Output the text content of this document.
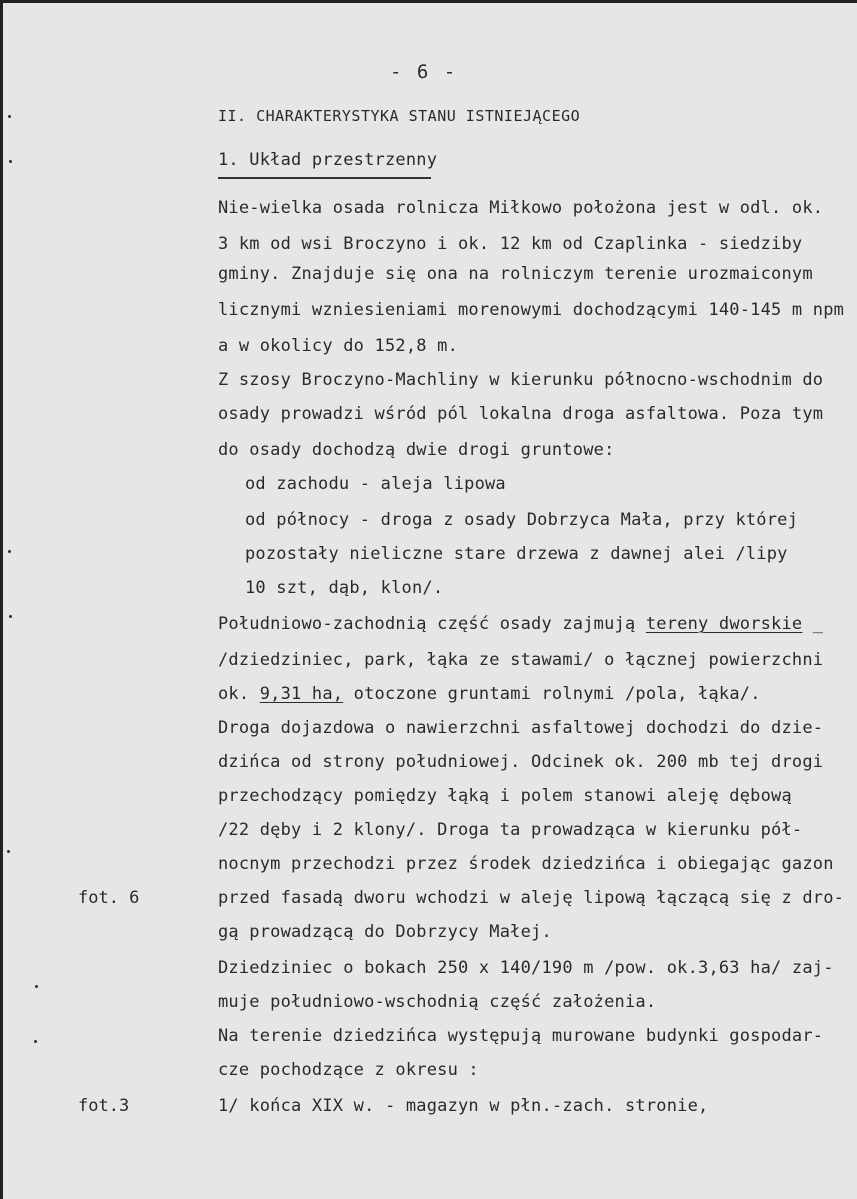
- 6 -
II. CHARAKTERYSTYKA STANU ISTNIEJĄCEGO
1. Układ przestrzenny
Nie-wielka osada rolnicza Miłkowo położona jest w odl. ok.
3 km od wsi Broczyno i ok. 12 km od Czaplinka - siedziby
gminy. Znajduje się ona na rolniczym terenie urozmaiconym
licznymi wzniesieniami morenowymi dochodzącymi 140-145 m npm
a w okolicy do 152,8 m.
Z szosy Broczyno-Machliny w kierunku północno-wschodnim do
osady prowadzi wśród pól lokalna droga asfaltowa. Poza tym
do osady dochodzą dwie drogi gruntowe:
od zachodu - aleja lipowa
od północy - droga z osady Dobrzyca Mała, przy której
pozostały nieliczne stare drzewa z dawnej alei /lipy
10 szt, dąb, klon/.
Południowo-zachodnią część osady zajmują tereny dworskie _
/dziedziniec, park, łąka ze stawami/ o łącznej powierzchni
ok. 9,31 ha, otoczone gruntami rolnymi /pola, łąka/.
Droga dojazdowa o nawierzchni asfaltowej dochodzi do dzie-
dzińca od strony południowej. Odcinek ok. 200 mb tej drogi
przechodzący pomiędzy łąką i polem stanowi aleję dębową
/22 dęby i 2 klony/. Droga ta prowadząca w kierunku pół-
nocnym przechodzi przez środek dziedzińca i obiegając gazon
przed fasadą dworu wchodzi w aleję lipową łączącą się z dro-
gą prowadzącą do Dobrzycy Małej.
Dziedziniec o bokach 250 x 140/190 m /pow. ok.3,63 ha/ zaj-
muje południowo-wschodnią część założenia.
Na terenie dziedzińca występują murowane budynki gospodar-
cze pochodzące z okresu :
1/ końca XIX w. - magazyn w płn.-zach. stronie,
fot. 6
fot.3
